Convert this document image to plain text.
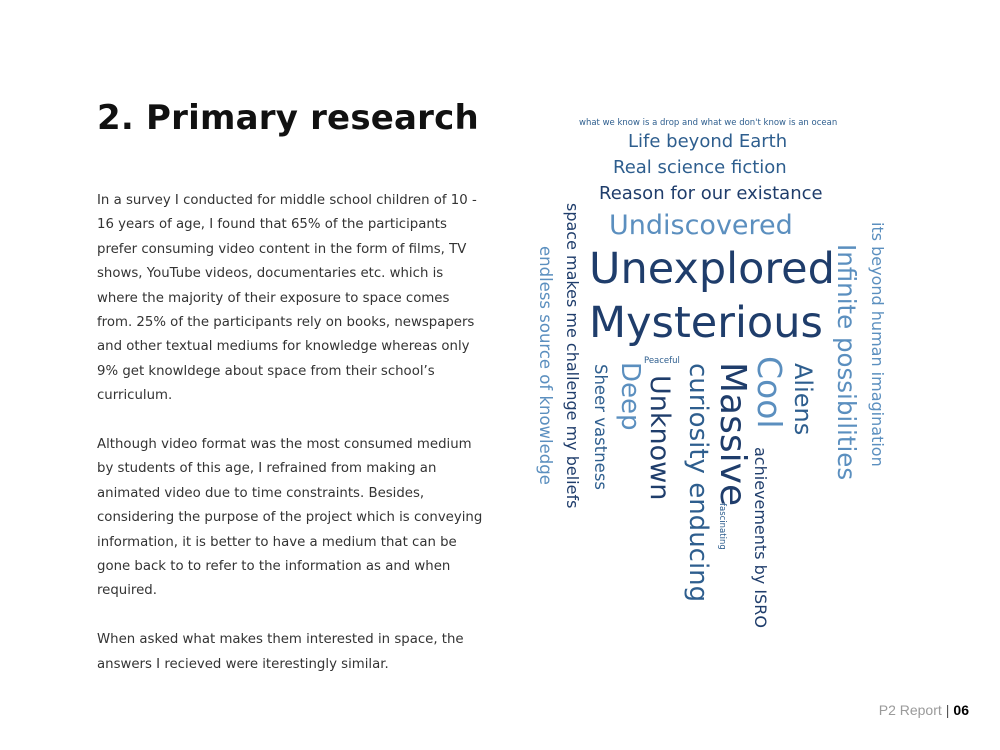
2. Primary research

In a survey I conducted for middle school children of 10 - 16 years of age, I found that 65% of the participants prefer consuming video content in the form of films, TV shows, YouTube videos, documentaries etc. which is where the majority of their exposure to space comes from. 25% of the participants rely on books, newspapers and other textual mediums for knowledge whereas only 9% get knowldege about space from their school’s curriculum.

Although video format was the most consumed medium by students of this age, I refrained from making an animated video due to time constraints. Besides, considering the purpose of the project which is conveying information, it is better to have a medium that can be gone back to to refer to the information as and when required.

When asked what makes them interested in space, the answers I recieved were iterestingly similar.

what we know is a drop and what we don't know is an ocean
Life beyond Earth
Real science fiction
Reason for our existance
Undiscovered
Unexplored
Mysterious
Peaceful	its beyond human imagination
Infinite possibilities
Aliens
Cool
achievements by ISRO
Massive
fascinating
curiosity enducing
Unknown
Deep
Sheer vastness
space makes me challenge my beliefs
endless source of knowledge
P2 Report | 06
